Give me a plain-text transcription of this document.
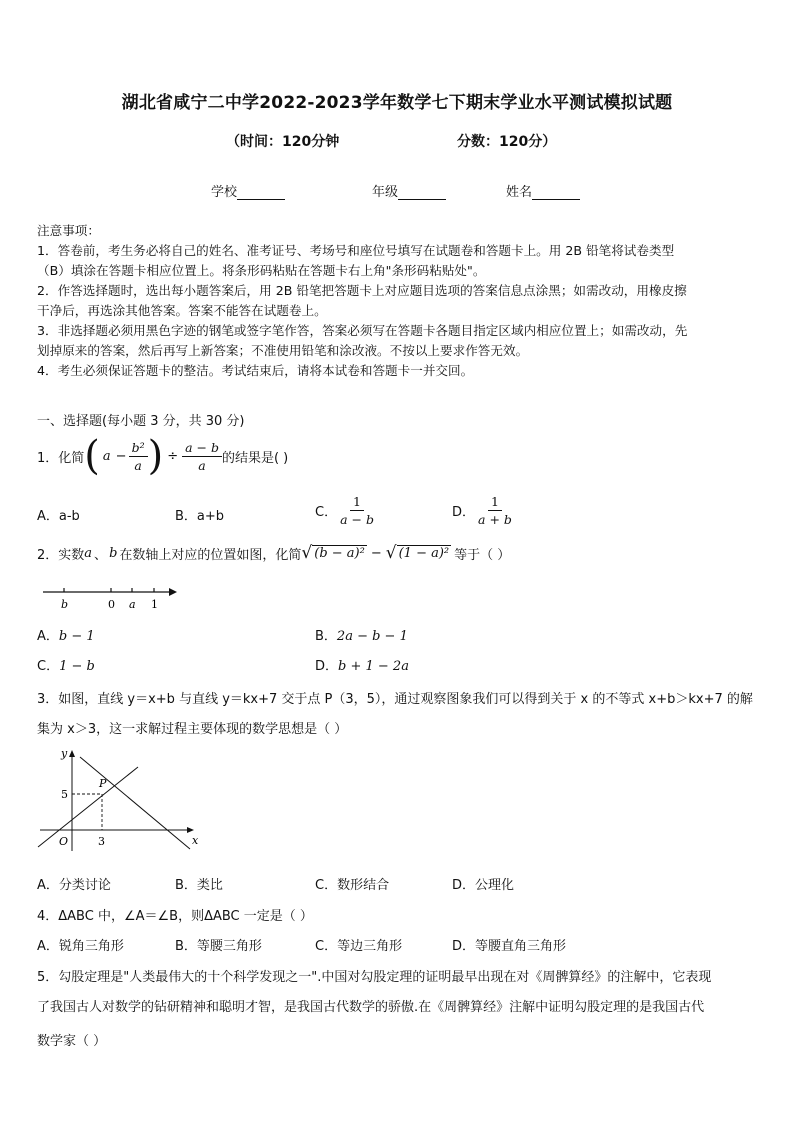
湖北省咸宁二中学2022-2023学年数学七下期末学业水平测试模拟试题
（时间：120分钟	分数：120分）
学校	年级	姓名
注意事项：
1．答卷前，考生务必将自己的姓名、准考证号、考场号和座位号填写在试题卷和答题卡上。用 2B 铅笔将试卷类型
（B）填涂在答题卡相应位置上。将条形码粘贴在答题卡右上角"条形码粘贴处"。
2．作答选择题时，选出每小题答案后，用 2B 铅笔把答题卡上对应题目选项的答案信息点涂黑；如需改动，用橡皮擦
干净后，再选涂其他答案。答案不能答在试题卷上。
3．非选择题必须用黑色字迹的钢笔或签字笔作答，答案必须写在答题卡各题目指定区域内相应位置上；如需改动，先
划掉原来的答案，然后再写上新答案；不准使用铅笔和涂改液。不按以上要求作答无效。
4．考生必须保证答题卡的整洁。考试结束后，请将本试卷和答题卡一并交回。
一、选择题(每小题 3 分，共 30 分)
1．化简 ( $a - \frac{\text{b²}}{a}$ ) ÷ $\frac{a - b}{a}$ 的结果是( )
A．a-b	B．a+b	C． $\frac{1}{a - b}$	D． $\frac{1}{a + b}$
2．实数 a 、 b 在数轴上对应的位置如图，化简 √ (b − a)² − √ (1 − a)² 等于（ ）
b	0 a 1
A．b − 1	B．2a − b − 1
C．1 − b	D．b + 1 − 2a
3．如图，直线 y＝x+b 与直线 y＝kx+7 交于点 P（3，5），通过观察图象我们可以得到关于 x 的不等式 x+b＞kx+7 的解
集为 x＞3，这一求解过程主要体现的数学思想是（ ）
y
P
5
O	3	x
A．分类讨论	B．类比	C．数形结合	D．公理化
4．ΔABC 中，∠A＝∠B，则ΔABC 一定是（ ）
A．锐角三角形	B．等腰三角形	C．等边三角形	D．等腰直角三角形
5．勾股定理是"人类最伟大的十个科学发现之一".中国对勾股定理的证明最早出现在对《周髀算经》的注解中，它表现
了我国古人对数学的钻研精神和聪明才智，是我国古代数学的骄傲.在《周髀算经》注解中证明勾股定理的是我国古代
数学家（ ）
